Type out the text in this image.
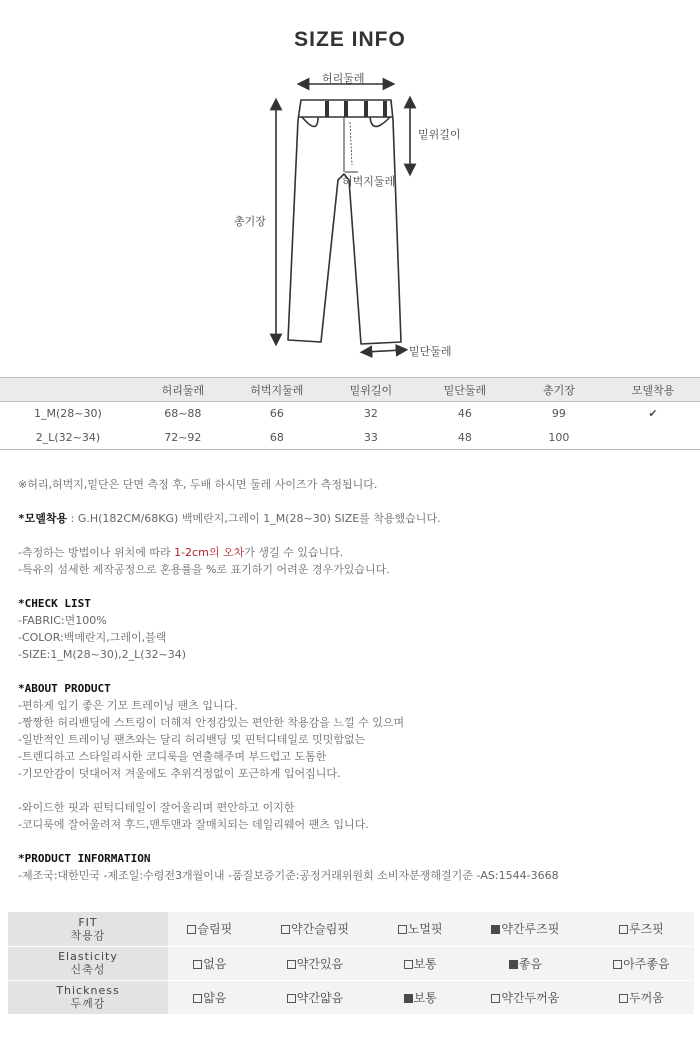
SIZE INFO
허리둘레
밑위길이
허벅지둘레
총기장
밑단둘레
	허리둘레	허벅지둘레	밑위길이	밑단둘레	총기장	모델착용
1_M(28~30)	68~88	66	32	46	99	✔
2_L(32~34)	72~92	68	33	48	100	
※허리,허벅지,밑단은 단면 측정 후, 두배 하시면 둘레 사이즈가 측정됩니다.
*모델착용 : G.H(182CM/68KG) 백메란지,그레이 1_M(28~30) SIZE를 착용했습니다.
-측정하는 방법이나 위치에 따라 1-2cm의 오차가 생길 수 있습니다.
-특유의 섬세한 제작공정으로 혼용률을 %로 표기하기 어려운 경우가있습니다.
*CHECK LIST
-FABRIC:면100%
-COLOR:백메란지,그레이,블랙
-SIZE:1_M(28~30),2_L(32~34)
*ABOUT PRODUCT
-편하게 입기 좋은 기모 트레이닝 팬츠 입니다.
-짱짱한 허리밴딩에 스트링이 더해져 안정감있는 편안한 착용감을 느낄 수 있으며
-일반적인 트레이닝 팬츠와는 달리 허리밴딩 및 핀턱디테일로 밋밋함없는
-트렌디하고 스타일리시한 코디룩을 연출해주며 부드럽고 도톰한
-기모안감이 덧대어져 겨울에도 추위걱정없이 포근하게 입어집니다.
-와이드한 핏과 핀턱디테일이 잘어울리며 편안하고 이지한
-코디룩에 잘어울려져 후드,맨투맨과 잘매치되는 데일리웨어 팬츠 입니다.
*PRODUCT INFORMATION
-제조국:대한민국 -제조일:수령전3개월이내 -품질보증기준:공정거래위원회 소비자분쟁해결기준 -AS:1544-3668
FIT
착용감	슬림핏	약간슬림핏	노멀핏	약간루즈핏	루즈핏

Elasticity
신축성	없음	약간있음	보통	좋음	아주좋음

Thickness
두께감	얇음	약간얇음	보통	약간두꺼움	두꺼움
